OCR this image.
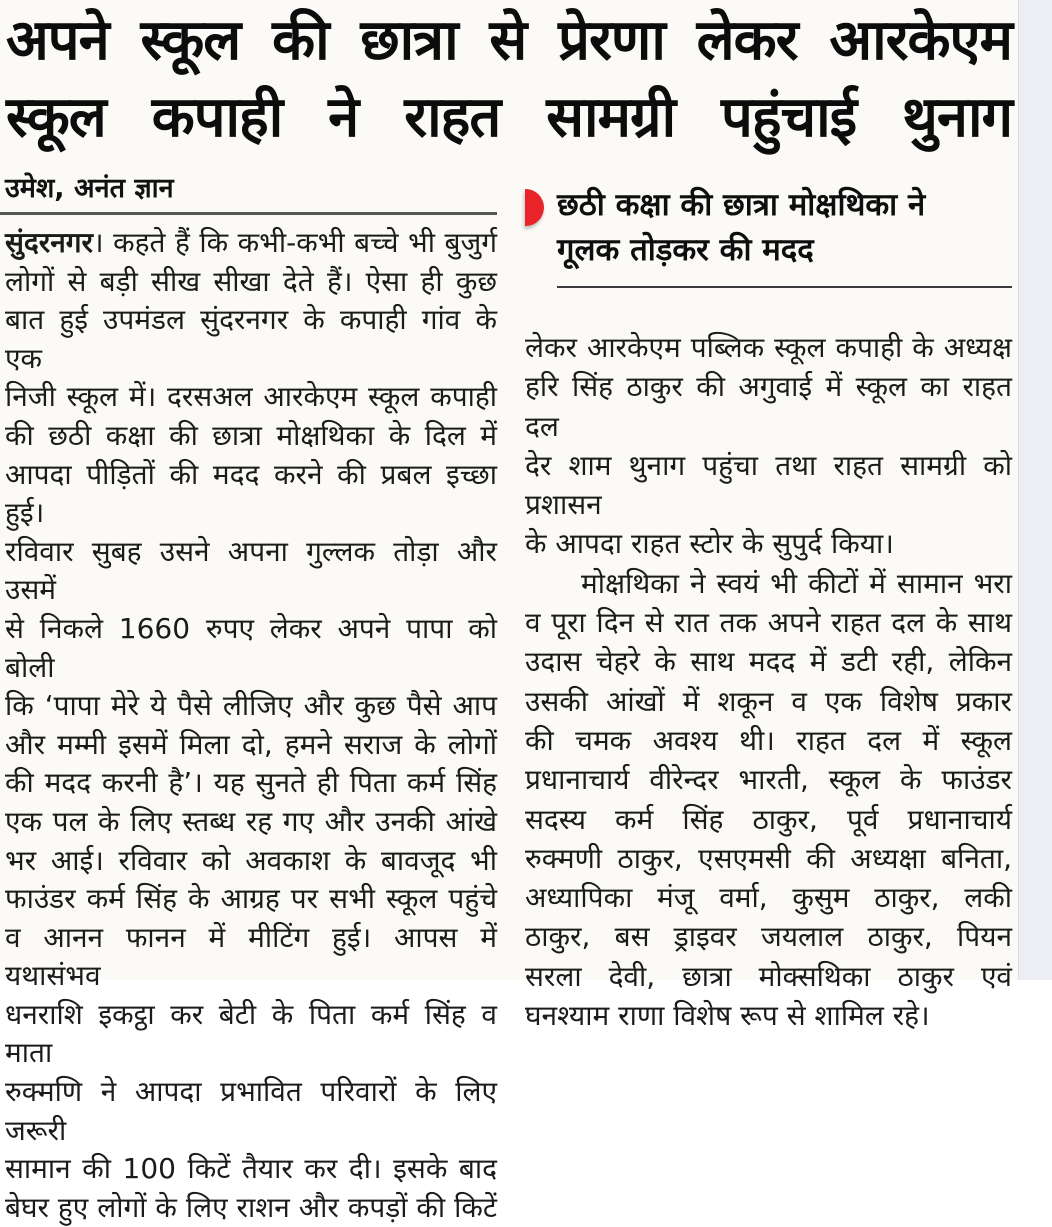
अपने स्कूल की छात्रा से प्रेरणा लेकर आरकेएम
स्कूल कपाही ने राहत सामग्री पहुंचाई थुनाग
उमेश, अनंत ज्ञान
सुंदरनगर। कहते हैं कि कभी-कभी बच्चे भी बुजुर्ग
लोगों से बड़ी सीख सीखा देते हैं। ऐसा ही कुछ
बात हुई उपमंडल सुंदरनगर के कपाही गांव के एक
निजी स्कूल में। दरसअल आरकेएम स्कूल कपाही
की छठी कक्षा की छात्रा मोक्षथिका के दिल में
आपदा पीड़ितों की मदद करने की प्रबल इच्छा हुई।
रविवार सुबह उसने अपना गुल्लक तोड़ा और उसमें
से निकले 1660 रुपए लेकर अपने पापा को बोली
कि ‘पापा मेरे ये पैसे लीजिए और कुछ पैसे आप
और मम्मी इसमें मिला दो, हमने सराज के लोगों
की मदद करनी है’। यह सुनते ही पिता कर्म सिंह
एक पल के लिए स्तब्ध रह गए और उनकी आंखे
भर आई। रविवार को अवकाश के बावजूद भी
फाउंडर कर्म सिंह के आग्रह पर सभी स्कूल पहुंचे
व आनन फानन में मीटिंग हुई। आपस में यथासंभव
धनराशि इकट्ठा कर बेटी के पिता कर्म सिंह व माता
रुक्मणि ने आपदा प्रभावित परिवारों के लिए जरूरी
सामान की 100 किटें तैयार कर दी। इसके बाद
बेघर हुए लोगों के लिए राशन और कपड़ों की किटें
छठी कक्षा की छात्रा मोक्षथिका ने
गूलक तोड़कर की मदद
लेकर आरकेएम पब्लिक स्कूल कपाही के अध्यक्ष
हरि सिंह ठाकुर की अगुवाई में स्कूल का राहत दल
देर शाम थुनाग पहुंचा तथा राहत सामग्री को प्रशासन
के आपदा राहत स्टोर के सुपुर्द किया।
मोक्षथिका ने स्वयं भी कीटों में सामान भरा
व पूरा दिन से रात तक अपने राहत दल के साथ
उदास चेहरे के साथ मदद में डटी रही, लेकिन
उसकी आंखों में शकून व एक विशेष प्रकार
की चमक अवश्य थी। राहत दल में स्कूल
प्रधानाचार्य वीरेन्दर भारती, स्कूल के फाउंडर
सदस्य कर्म सिंह ठाकुर, पूर्व प्रधानाचार्य
रुक्मणी ठाकुर, एसएमसी की अध्यक्षा बनिता,
अध्यापिका मंजू वर्मा, कुसुम ठाकुर, लकी
ठाकुर, बस ड्राइवर जयलाल ठाकुर, पियन
सरला देवी, छात्रा मोक्सथिका ठाकुर एवं
घनश्याम राणा विशेष रूप से शामिल रहे।
